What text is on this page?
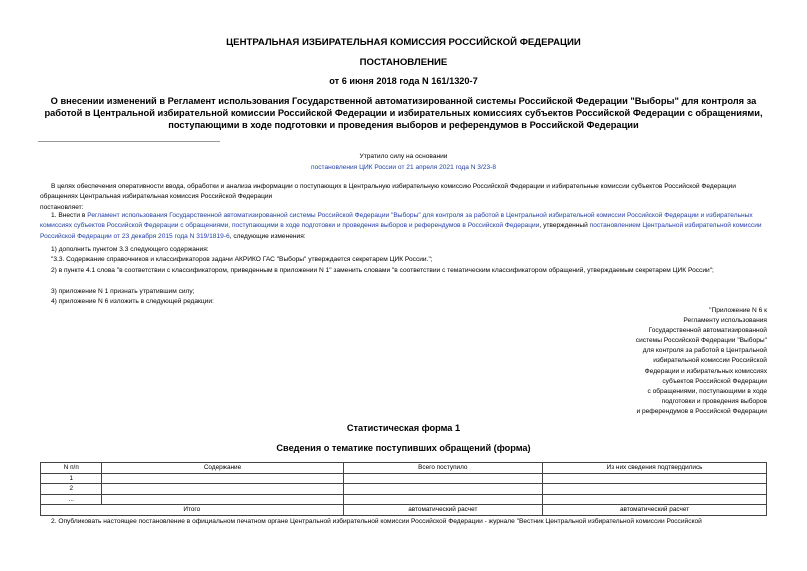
ЦЕНТРАЛЬНАЯ ИЗБИРАТЕЛЬНАЯ КОМИССИЯ РОССИЙСКОЙ ФЕДЕРАЦИИ
ПОСТАНОВЛЕНИЕ
от 6 июня 2018 года N 161/1320-7
О внесении изменений в Регламент использования Государственной автоматизированной системы Российской Федерации "Выборы" для контроля за работой в Центральной избирательной комиссии Российской Федерации и избирательных комиссиях субъектов Российской Федерации с обращениями, поступающими в ходе подготовки и проведения выборов и референдумов в Российской Федерации
Утратило силу на основании
постановления ЦИК России от 21 апреля 2021 года N 3/23-8
В целях обеспечения оперативности ввода, обработки и анализа информации о поступающих в Центральную избирательную комиссию Российской Федерации и избирательные комиссии субъектов Российской Федерации обращениях Центральная избирательная комиссия Российской Федерации
постановляет:
1. Внести в Регламент использования Государственной автоматизированной системы Российской Федерации "Выборы" для контроля за работой в Центральной избирательной комиссии Российской Федерации и избирательных комиссиях субъектов Российской Федерации с обращениями, поступающими в ходе подготовки и проведения выборов и референдумов в Российской Федерации, утвержденный постановлением Центральной избирательной комиссии Российской Федерации от 23 декабря 2015 года N 319/1819-6, следующие изменения:
1) дополнить пунктом 3.3 следующего содержания:
"3.3. Содержание справочников и классификаторов задачи АКРИКО ГАС "Выборы" утверждается секретарем ЦИК России.";
2) в пункте 4.1 слова "в соответствии с классификатором, приведенным в приложении N 1" заменить словами "в соответствии с тематическим классификатором обращений, утверждаемым секретарем ЦИК России";
3) приложение N 1 признать утратившим силу;
4) приложение N 6 изложить в следующей редакции:
"Приложение N 6 к
Регламенту использования
Государственной автоматизированной
системы Российской Федерации "Выборы"
для контроля за работой в Центральной
избирательной комиссии Российской
Федерации и избирательных комиссиях
субъектов Российской Федерации
с обращениями, поступающими в ходе
подготовки и проведения выборов
и референдумов в Российской Федерации
Статистическая форма 1
Сведения о тематике поступивших обращений (форма)
N п/п	Содержание	Всего поступило	Из них сведения подтвердились
1			
2			
...			
Итого		автоматический расчет	автоматический расчет
2. Опубликовать настоящее постановление в официальном печатном органе Центральной избирательной комиссии Российской Федерации - журнале "Вестник Центральной избирательной комиссии Российской
